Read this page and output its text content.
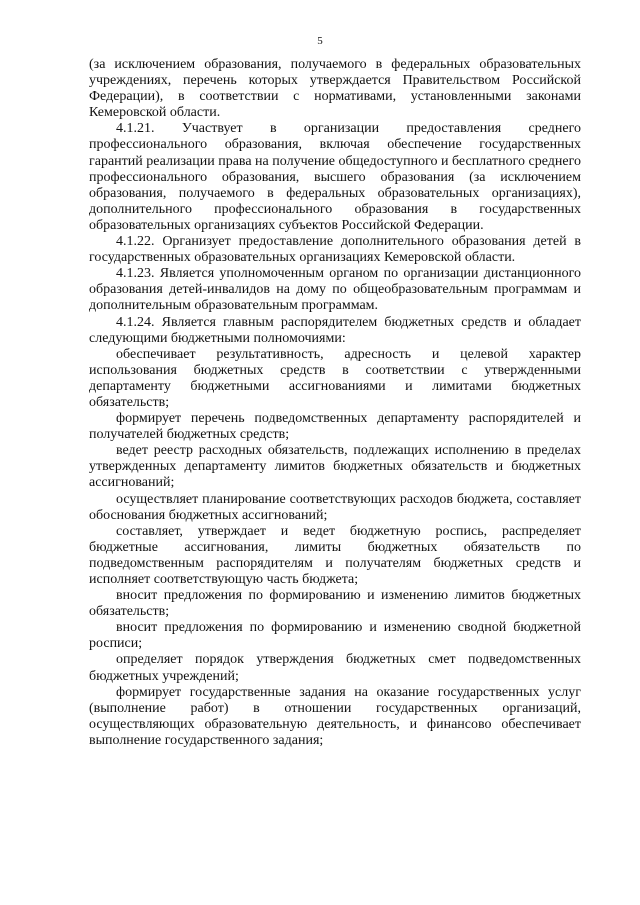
5

(за исключением образования, получаемого в федеральных образовательных учреждениях, перечень которых утверждается Правительством Российской Федерации), в соответствии с нормативами, установленными законами Кемеровской области.

4.1.21. Участвует в организации предоставления среднего профессионального образования, включая обеспечение государственных гарантий реализации права на получение общедоступного и бесплатного среднего профессионального образования, высшего образования (за исключением образования, получаемого в федеральных образовательных организациях), дополнительного профессионального образования в государственных образовательных организациях субъектов Российской Федерации.

4.1.22. Организует предоставление дополнительного образования детей в государственных образовательных организациях Кемеровской области.

4.1.23. Является уполномоченным органом по организации дистанционного образования детей-инвалидов на дому по общеобразовательным программам и дополнительным образовательным программам.

4.1.24. Является главным распорядителем бюджетных средств и обладает следующими бюджетными полномочиями:

обеспечивает результативность, адресность и целевой характер использования бюджетных средств в соответствии с утвержденными департаменту бюджетными ассигнованиями и лимитами бюджетных обязательств;

формирует перечень подведомственных департаменту распорядителей и получателей бюджетных средств;

ведет реестр расходных обязательств, подлежащих исполнению в пределах утвержденных департаменту лимитов бюджетных обязательств и бюджетных ассигнований;

осуществляет планирование соответствующих расходов бюджета, составляет обоснования бюджетных ассигнований;

составляет, утверждает и ведет бюджетную роспись, распределяет бюджетные ассигнования, лимиты бюджетных обязательств по подведомственным распорядителям и получателям бюджетных средств и исполняет соответствующую часть бюджета;

вносит предложения по формированию и изменению лимитов бюджетных обязательств;

вносит предложения по формированию и изменению сводной бюджетной росписи;

определяет порядок утверждения бюджетных смет подведомственных бюджетных учреждений;

формирует государственные задания на оказание государственных услуг (выполнение работ) в отношении государственных организаций, осуществляющих образовательную деятельность, и финансово обеспечивает выполнение государственного задания;
